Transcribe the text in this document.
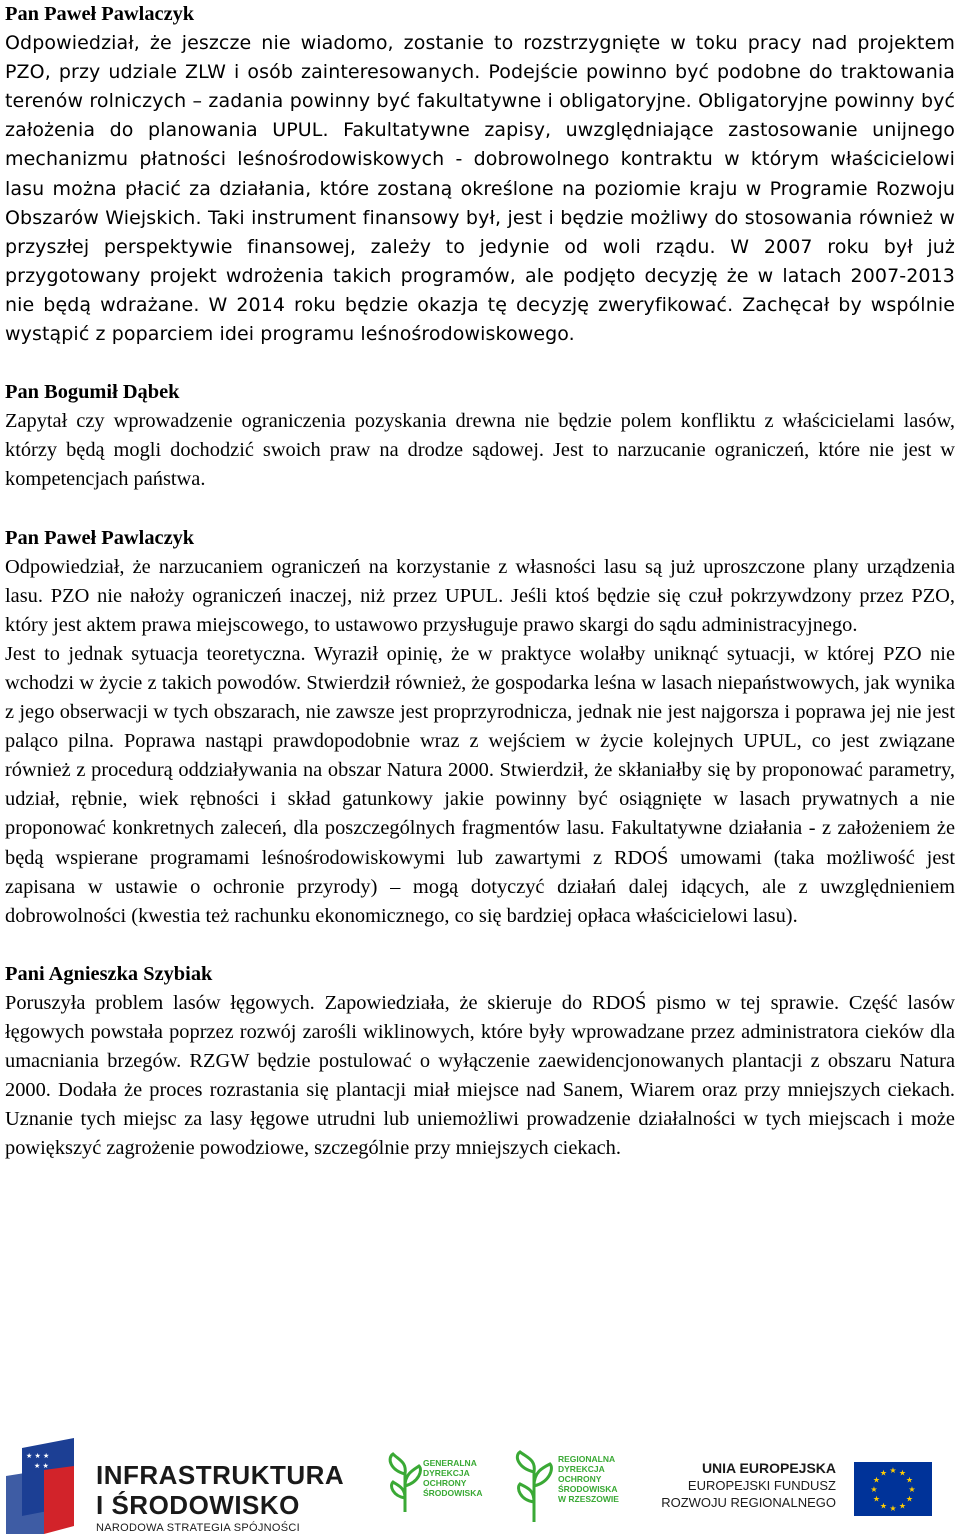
Pan Paweł Pawlaczyk

Odpowiedział, że jeszcze nie wiadomo, zostanie to rozstrzygnięte w toku pracy nad projektem PZO, przy udziale ZLW i osób zainteresowanych. Podejście powinno być podobne do traktowania terenów rolniczych – zadania powinny być fakultatywne i obligatoryjne. Obligatoryjne powinny być założenia do planowania UPUL. Fakultatywne zapisy, uwzględniające zastosowanie unijnego mechanizmu płatności leśnośrodowiskowych - dobrowolnego kontraktu w którym właścicielowi lasu można płacić za działania, które zostaną określone na poziomie kraju w Programie Rozwoju Obszarów Wiejskich. Taki instrument finansowy był, jest i będzie możliwy do stosowania również w przyszłej perspektywie finansowej, zależy to jedynie od woli rządu. W 2007 roku był już przygotowany projekt wdrożenia takich programów, ale podjęto decyzję że w latach 2007-2013 nie będą wdrażane. W 2014 roku będzie okazja tę decyzję zweryfikować. Zachęcał by wspólnie wystąpić z poparciem idei programu leśnośrodowiskowego.

Pan Bogumił Dąbek

Zapytał czy wprowadzenie ograniczenia pozyskania drewna nie będzie polem konfliktu z właścicielami lasów, którzy będą mogli dochodzić swoich praw na drodze sądowej. Jest to narzucanie ograniczeń, które nie jest w kompetencjach państwa.

Pan Paweł Pawlaczyk

Odpowiedział, że narzucaniem ograniczeń na korzystanie z własności lasu są już uproszczone plany urządzenia lasu. PZO nie nałoży ograniczeń inaczej, niż przez UPUL. Jeśli ktoś będzie się czuł pokrzywdzony przez PZO, który jest aktem prawa miejscowego, to ustawowo przysługuje prawo skargi do sądu administracyjnego.

Jest to jednak sytuacja teoretyczna. Wyraził opinię, że w praktyce wolałby uniknąć sytuacji, w której PZO nie wchodzi w życie z takich powodów. Stwierdził również, że gospodarka leśna w lasach niepaństwowych, jak wynika z jego obserwacji w tych obszarach, nie zawsze jest proprzyrodnicza, jednak nie jest najgorsza i poprawa jej nie jest paląco pilna. Poprawa nastąpi prawdopodobnie wraz z wejściem w życie kolejnych UPUL, co jest związane również z procedurą oddziaływania na obszar Natura 2000. Stwierdził, że skłaniałby się by proponować parametry, udział, rębnie, wiek rębności i skład gatunkowy jakie powinny być osiągnięte w lasach prywatnych a nie proponować konkretnych zaleceń, dla poszczególnych fragmentów lasu. Fakultatywne działania - z założeniem że będą wspierane programami leśnośrodowiskowymi lub zawartymi z RDOŚ umowami (taka możliwość jest zapisana w ustawie o ochronie przyrody) – mogą dotyczyć działań dalej idących, ale z uwzględnieniem dobrowolności (kwestia też rachunku ekonomicznego, co się bardziej opłaca właścicielowi lasu).

Pani Agnieszka Szybiak

Poruszyła problem lasów łęgowych. Zapowiedziała, że skieruje do RDOŚ pismo w tej sprawie. Część lasów łęgowych powstała poprzez rozwój zarośli wiklinowych, które były wprowadzane przez administratora cieków dla umacniania brzegów. RZGW będzie postulować o wyłączenie zaewidencjonowanych plantacji z obszaru Natura 2000. Dodała że proces rozrastania się plantacji miał miejsce nad Sanem, Wiarem oraz przy mniejszych ciekach. Uznanie tych miejsc za lasy łęgowe utrudni lub uniemożliwi prowadzenie działalności w tych miejscach i może powiększyć zagrożenie powodziowe, szczególnie przy mniejszych ciekach.

★ ★ ★
★ ★ INFRASTRUKTURA
I ŚRODOWISKO
NARODOWA STRATEGIA SPÓJNOŚCI
GENERALNA
DYREKCJA
OCHRONY
ŚRODOWISKA
REGIONALNA
DYREKCJA
OCHRONY
ŚRODOWISKA
W RZESZOWIE
UNIA EUROPEJSKA
EUROPEJSKI FUNDUSZ
ROZWOJU REGIONALNEGO
★ ★
★
★
★
★
★
★
★
★
★
★
